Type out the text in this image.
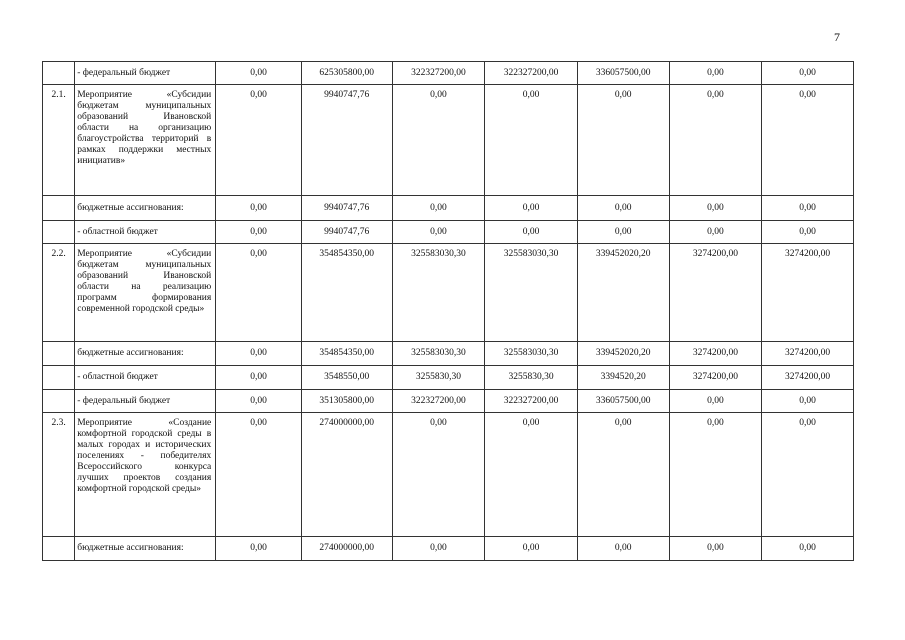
7
	- федеральный бюджет	0,00	625305800,00	322327200,00	322327200,00	336057500,00	0,00	0,00
2.1.	Мероприятие «Субсидии бюджетам муниципальных образований Ивановской области на организацию благоустройства территорий в рамках поддержки местных инициатив»	0,00	9940747,76	0,00	0,00	0,00	0,00	0,00
	бюджетные ассигнования:	0,00	9940747,76	0,00	0,00	0,00	0,00	0,00
	- областной бюджет	0,00	9940747,76	0,00	0,00	0,00	0,00	0,00
2.2.	Мероприятие «Субсидии бюджетам муниципальных образований Ивановской области на реализацию программ формирования современной городской среды»	0,00	354854350,00	325583030,30	325583030,30	339452020,20	3274200,00	3274200,00
	бюджетные ассигнования:	0,00	354854350,00	325583030,30	325583030,30	339452020,20	3274200,00	3274200,00
	- областной бюджет	0,00	3548550,00	3255830,30	3255830,30	3394520,20	3274200,00	3274200,00
	- федеральный бюджет	0,00	351305800,00	322327200,00	322327200,00	336057500,00	0,00	0,00
2.3.	Мероприятие «Создание комфортной городской среды в малых городах и исторических поселениях - победителях Всероссийского конкурса лучших проектов создания комфортной городской среды»	0,00	274000000,00	0,00	0,00	0,00	0,00	0,00
	бюджетные ассигнования:	0,00	274000000,00	0,00	0,00	0,00	0,00	0,00
